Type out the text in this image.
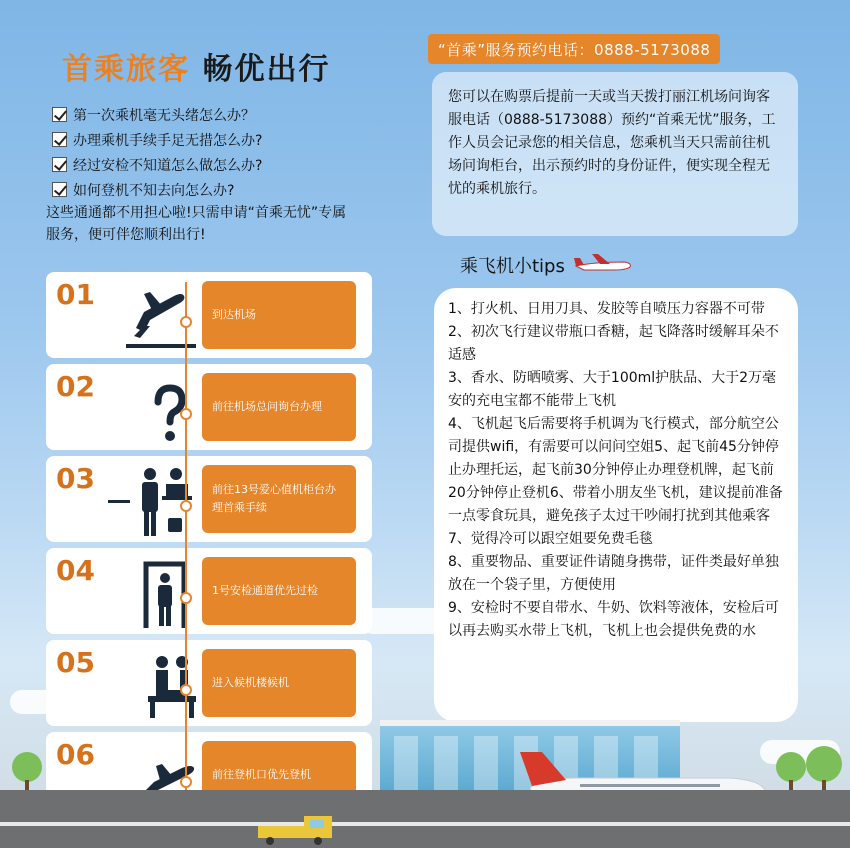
首乘旅客 畅优出行
第一次乘机毫无头绪怎么办？
办理乘机手续手足无措怎么办?
经过安检不知道怎么做怎么办?
如何登机不知去向怎么办?
这些通通都不用担心啦!只需申请“首乘无忧”专属服务，便可伴您顺利出行!
01
到达机场
02
前往机场总问询台办理
03	前往13号爱心值机柜台办理首乘手续
04
1号安检通道优先过检
05
进入候机楼候机
06
前往登机口优先登机
“首乘”服务预约电话：0888-5173088
您可以在购票后提前一天或当天拨打丽江机场问询客服电话（0888-5173088）预约“首乘无忧”服务，工作人员会记录您的相关信息，您乘机当天只需前往机场问询柜台，出示预约时的身份证件，便实现全程无忧的乘机旅行。
乘飞机小tips
1、打火机、日用刀具、发胶等自喷压力容器不可带
2、初次飞行建议带瓶口香糖，起飞降落时缓解耳朵不适感
3、香水、防晒喷雾、大于100ml护肤品、大于2万毫安的充电宝都不能带上飞机
4、飞机起飞后需要将手机调为飞行模式，部分航空公司提供wifi，有需要可以问问空姐5、起飞前45分钟停止办理托运，起飞前30分钟停止办理登机牌，起飞前20分钟停止登机6、带着小朋友坐飞机，建议提前准备一点零食玩具，避免孩子太过干吵闹打扰到其他乘客
7、觉得冷可以跟空姐要免费毛毯
8、重要物品、重要证件请随身携带，证件类最好单独放在一个袋子里，方便使用
9、安检时不要自带水、牛奶、饮料等液体，安检后可以再去购买水带上飞机，飞机上也会提供免费的水
